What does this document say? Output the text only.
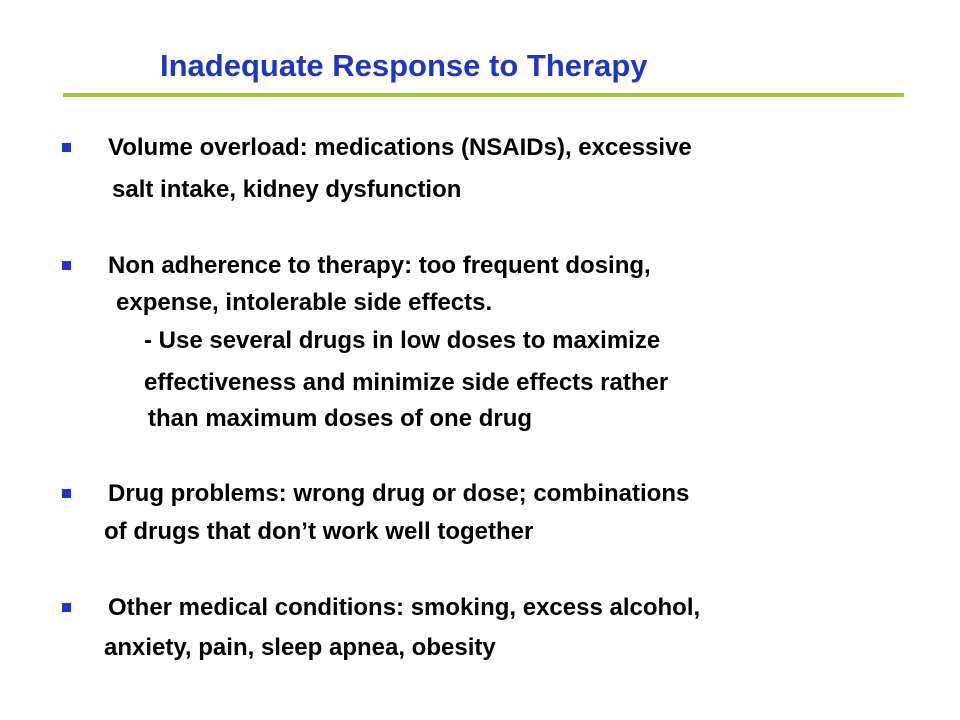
Inadequate Response to Therapy
Volume overload: medications (NSAIDs), excessive
salt intake, kidney dysfunction
Non adherence to therapy: too frequent dosing,
expense, intolerable side effects.
- Use several drugs in low doses to maximize
effectiveness and minimize side effects rather
than maximum doses of one drug
Drug problems: wrong drug or dose; combinations
of drugs that don’t work well together
Other medical conditions: smoking, excess alcohol,
anxiety, pain, sleep apnea, obesity
